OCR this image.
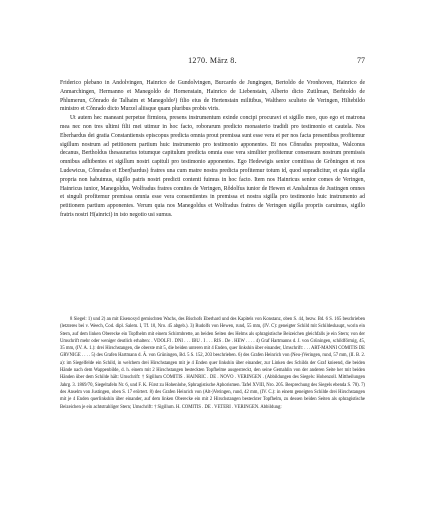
1270. März 8.	77

Friderico plebano in Andolvingen, Hainrico de Gundolvingen, Burcardo de Jungingen, Bertoldo de Vronhoven, Hainrico de Anmarchingen, Hermanno et Manegoldo de Hornenstain, Hainrico de Liebenstain, Alberto dicto Zutilman, Berhtoldo de Phlumerun, Cŏnrado de Talhaim et Manegoldo¹) filio eius de Hertenstain militibus, Walthero sculteto de Veringen, Hiltebildo ministro et Cŏnrado dicto Murzel aliisque quam pluribus probis viris.

Ut autem hec maneant perpetue firmiora, presens instrumentum exinde concipi procuravi et sigillo meo, quo ego et matrona mea nec non tres ultimi filii mei utimur in hoc facto, roborarum predicto monasterio tradidi pro testimonio et cautela. Nos Eberhardus dei gratia Constantiensis episcopus predicta omnia prout premissa sunt esse vera et per nos facta presentibus profitemur sigillum nostrum ad petitionem partium huic instrumento pro testimonio apponentes. Et nos Cŏnradus prepositus, Walconus decanus, Bertholdus thesaurarius totumque capitulum predicta omnia esse vera similiter profitemur consensum nostrum premissis omnibus adhibentes et sigillum nostri capituli pro testimonio apponentes. Ego Hedewigis senior comitissa de Grŏningen et nos Ludewicus, Cŏnradus et Eber(hardus) fratres una cum matre nostra predicta profitemur totum id, quod supradicitur, et quia sigilla propria non habuimus, sigillo patris nostri predicti contenti fuimus in hoc facto. Item nos Hainricus senior comes de Veringen, Hainricus iunior, Manegoldus, Wolfradus fratres comites de Veringen, Rŏdolfus iunior de Hewen et Anshalmus de Justingen omnes et singuli profitemur premissa omnia esse vera consentientes in premissa et nostra sigilla pro testimonio huic instrumento ad petitionem partium apponentes. Verum quia nos Manegoldus et Wolfradus fratres de Veringen sigilla propriis caruimus, sigillo fratris nostri H(ainrici) in isto negotio usi sumus.

8 Siegel: 1) und 2) an mit Eisenoxyd gemischten Wachs, des Bischofs Eberhard und des Kapitels von Konstanz, oben S. 44, bezw. Bd. 6 S. 165 beschrieben (letzteres bei v. Weech, Cod. dipl. Salem. I, Tf. 10, Nro. 45 abgeb.). 3) Rudolfs von Hewen, rund, 55 mm, (IV. C): geneigter Schild mit Schildeshaupt, worin ein Stern, auf dem linken Oberecke ein Topfhelm mit einem Schirmbrette, an beiden Seiten des Helms als sphragistische Beizeichen gleichfalls je ein Stern; von der Umschrift mehr oder weniger deutlich erhalten: . VDOLFI . DNI . . . IBU . I . . . RIS . De . HEW . . . . 4) Graf Hartmanns d. J. von Grüningen, schildförmig, 45, 35 mm, (IV. A. 1.): drei Hirschstangen, die oberste mit 5, die beiden unteren mit 4 Enden, quer linkshin über einander, Umschrift: . . . ART-MANNI COMITIS DE GRVNIGE . . . . 5) des Grafen Hartmann d. Ä. von Grüningen, Bd. 5 S. 152, 203 beschrieben. 6) des Grafen Heinrich von (Neu-)Veringen, rund, 57 mm, (II. B. 2. a): im Siegelfelde ein Schild, in welchem drei Hirschstangen mit je 4 Enden quer linkshin über einander, zur Linken des Schilds der Graf knieend, die beiden Hände nach dem Wappenbilde, d. h. einem mit 2 Hirschstangen besteckten Topfhelme ausgestreckt, den seine Gemahlin von der anderen Seite her mit beiden Händen über dem Schilde hält: Umschrift: † Sigillum COMITIS . HAINRIC . DE . NOVO . VERINGEN . (Abbildungen des Siegels: Hohenzoll. Mittheilungen Jahrg. 3. 1869/70, Siegeltafeln Nr. 6, und F. K. Fürst zu Hohenlohe, Sphragistische Aphorismen. Tafel XVIII, Nro. 205. Besprechung des Siegels ebenda S. 78). 7) des Anselm von Justingen, oben S. 17 erörtert. 8) des Grafen Heinrich von (Alt-)Veringen, rund, 42 mm, (IV. C.): in einem geneigten Schilde drei Hirschstangen mit je 4 Enden querlinkshin über einander, auf dem linken Oberecke ein mit 2 Hirschstangen besteckter Topfhelm, zu dessen beiden Seiten als sphragistische Beizeichen je ein achtstrahliger Stern; Umschrift: † Sigillum. H. COMITIS . DE . VETERI . VERINGEN. Abbildung:
